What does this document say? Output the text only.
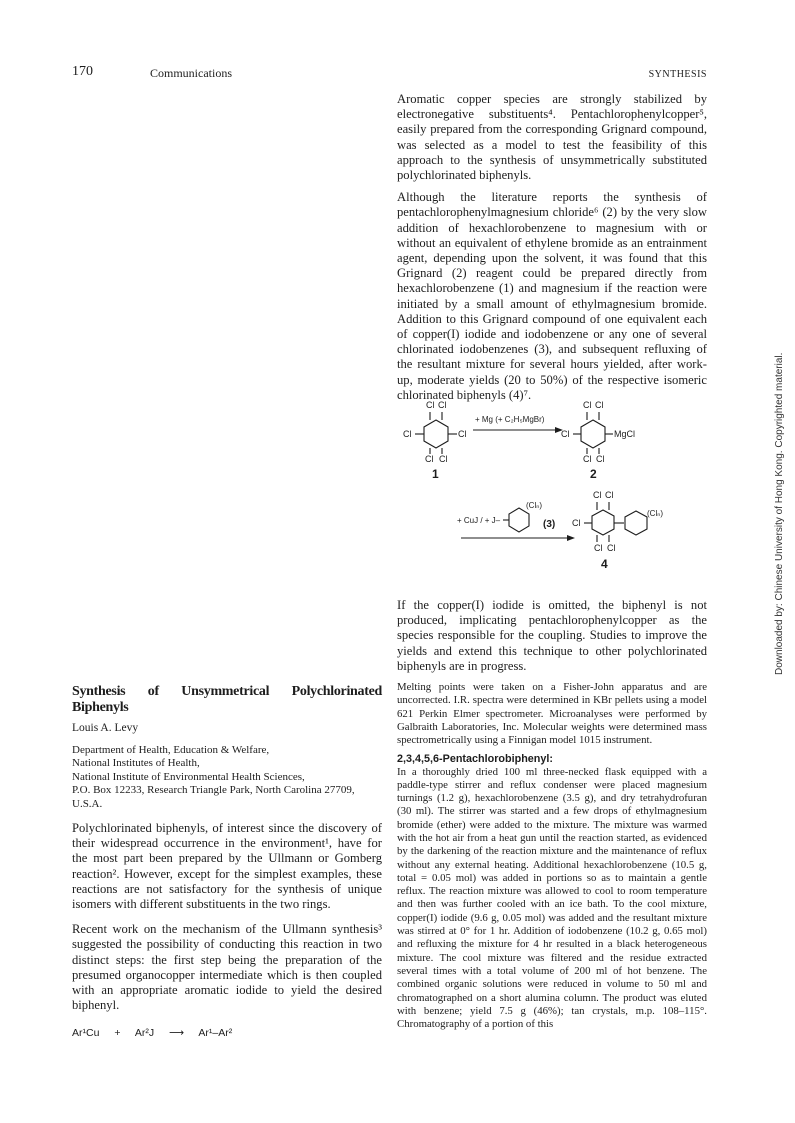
170	Communications	SYNTHESIS

Aromatic copper species are strongly stabilized by electronegative substituents⁴. Pentachlorophenylcopper⁵, easily prepared from the corresponding Grignard compound, was selected as a model to test the feasibility of this approach to the synthesis of unsymmetrically substituted polychlorinated biphenyls.

Although the literature reports the synthesis of pentachlorophenylmagnesium chloride⁶ (2) by the very slow addition of hexachlorobenzene to magnesium with or without an equivalent of ethylene bromide as an entrainment agent, depending upon the solvent, it was found that this Grignard (2) reagent could be prepared directly from hexachlorobenzene (1) and magnesium if the reaction were initiated by a small amount of ethylmagnesium bromide. Addition to this Grignard compound of one equivalent each of copper(I) iodide and iodobenzene or any one of several chlorinated iodobenzenes (3), and subsequent refluxing of the resultant mixture for several hours yielded, after work-up, moderate yields (20 to 50%) of the respective isomeric chlorinated biphenyls (4)⁷.

Cl Cl
Cl	Cl
Cl Cl
+ Mg (+ C₂H₅MgBr)
Cl Cl
Cl	MgCl
Cl Cl
+ CuJ / + J–
(Clₙ)
(3)
Cl Cl
Cl
Cl Cl
(Clₙ)
1	2
4

If the copper(I) iodide is omitted, the biphenyl is not produced, implicating pentachlorophenylcopper as the species responsible for the coupling. Studies to improve the yields and extend this technique to other polychlorinated biphenyls are in progress.

Melting points were taken on a Fisher-John apparatus and are uncorrected. I.R. spectra were determined in KBr pellets using a model 621 Perkin Elmer spectrometer. Microanalyses were performed by Galbraith Laboratories, Inc. Molecular weights were determined mass spectrometrically using a Finnigan model 1015 instrument.

2,3,4,5,6-Pentachlorobiphenyl:

In a thoroughly dried 100 ml three-necked flask equipped with a paddle-type stirrer and reflux condenser were placed magnesium turnings (1.2 g), hexachlorobenzene (3.5 g), and dry tetrahydrofuran (30 ml). The stirrer was started and a few drops of ethylmagnesium bromide (ether) were added to the mixture. The mixture was warmed with the hot air from a heat gun until the reaction started, as evidenced by the darkening of the reaction mixture and the maintenance of reflux without any external heating. Additional hexachlorobenzene (10.5 g, total = 0.05 mol) was added in portions so as to maintain a gentle reflux. The reaction mixture was allowed to cool to room temperature and then was further cooled with an ice bath. To the cool mixture, copper(I) iodide (9.6 g, 0.05 mol) was added and the resultant mixture was stirred at 0° for 1 hr. Addition of iodobenzene (10.2 g, 0.65 mol) and refluxing the mixture for 4 hr resulted in a black heterogeneous mixture. The cool mixture was filtered and the residue extracted several times with a total volume of 200 ml of hot benzene. The combined organic solutions were reduced in volume to 50 ml and chromatographed on a short alumina column. The product was eluted with benzene; yield 7.5 g (46%); tan crystals, m.p. 108–115°. Chromatography of a portion of this

Synthesis of Unsymmetrical Polychlorinated Biphenyls
Louis A. Levy
Department of Health, Education & Welfare,
National Institutes of Health,
National Institute of Environmental Health Sciences,
P.O. Box 12233, Research Triangle Park, North Carolina 27709,
U.S.A.

Polychlorinated biphenyls, of interest since the discovery of their widespread occurrence in the environment¹, have for the most part been prepared by the Ullmann or Gomberg reaction². However, except for the simplest examples, these reactions are not satisfactory for the synthesis of unique isomers with different substituents in the two rings.

Recent work on the mechanism of the Ullmann synthesis³ suggested the possibility of conducting this reaction in two distinct steps: the first step being the preparation of the presumed organocopper intermediate which is then coupled with an appropriate aromatic iodide to yield the desired biphenyl.

Ar¹Cu + Ar²J ⟶ Ar¹–Ar²
Downloaded by: Chinese University of Hong Kong. Copyrighted material.
